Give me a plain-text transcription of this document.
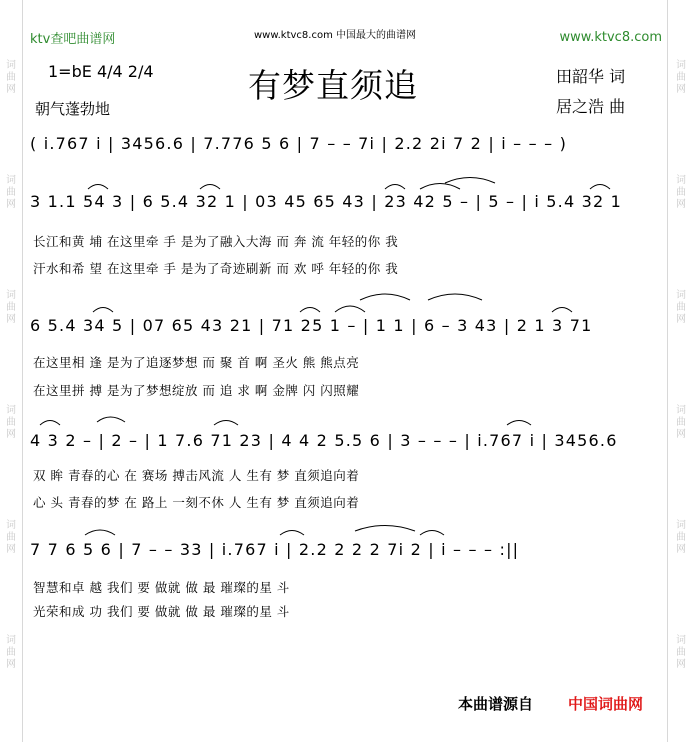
词
曲
网
词
曲
网
词
曲
网
词
曲
网
词
曲
网
词
曲
网
词
曲
网
词
曲
网
词
曲
网
词
曲
网
词
曲
网
词
曲
网
ktv查吧曲谱网	www.ktvc8.com 中国最大的曲谱网	www.ktvc8.com
有梦直须追
1=bE 4/4 2/4
朝气蓬勃地
田韶华 词
居之浩 曲
( i.767 i | 3456.6 | 7.776 5 6 | 7 – – 7i | 2.2 2i 7 2 | i – – – )
3 1.1 54 3 | 6 5.4 32 1 | 03 45 65 43 | 23 42 5 – | 5 – | i 5.4 32 1
长江和黄 埔 在这里牵 手 是为了融入大海 而 奔 流 年轻的你 我
汗水和希 望 在这里牵 手 是为了奇迹刷新 而 欢 呼 年轻的你 我
6 5.4 34 5 | 07 65 43 21 | 71 25 1 – | 1 1 | 6 – 3 43 | 2 1 3 71
在这里相 逢 是为了追逐梦想 而 聚 首 啊 圣火 熊 熊点亮
在这里拼 搏 是为了梦想绽放 而 追 求 啊 金牌 闪 闪照耀
4 3 2 – | 2 – | 1 7.6 71 23 | 4 4 2 5.5 6 | 3 – – – | i.767 i | 3456.6
双 眸 青春的心 在 赛场 搏击风流 人 生有 梦 直须追向着
心 头 青春的梦 在 路上 一刻不休 人 生有 梦 直须追向着
7 7 6 5 6 | 7 – – 33 | i.767 i | 2.2 2 2 2 7i 2 | i – – – :||
智慧和卓 越 我们 要 做就 做 最 璀璨的星 斗
光荣和成 功 我们 要 做就 做 最 璀璨的星 斗
本曲谱源自 中国词曲网
